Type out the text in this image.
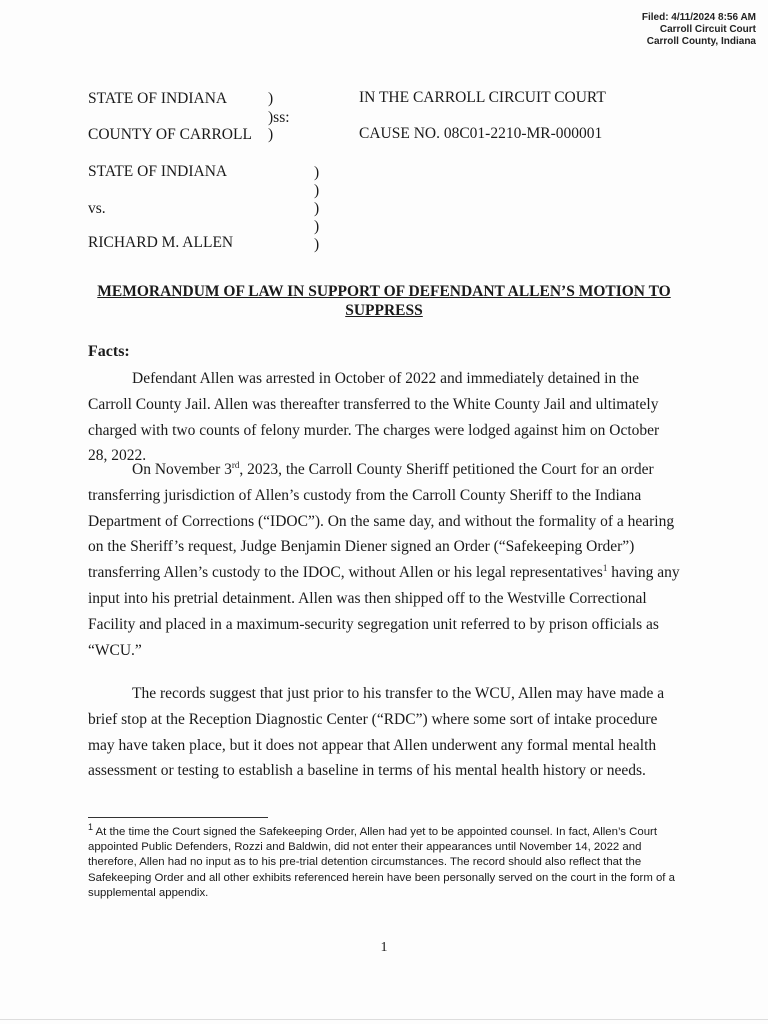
Filed: 4/11/2024 8:56 AM
Carroll Circuit Court
Carroll County, Indiana
STATE OF INDIANA	)
)ss:
COUNTY OF CARROLL )
IN THE CARROLL CIRCUIT COURT
CAUSE NO. 08C01-2210-MR-000001
STATE OF INDIANA
vs.
RICHARD M. ALLEN
)
)
)
)
)
MEMORANDUM OF LAW IN SUPPORT OF DEFENDANT ALLEN’S MOTION TO SUPPRESS
Facts:
Defendant Allen was arrested in October of 2022 and immediately detained in the Carroll County Jail. Allen was thereafter transferred to the White County Jail and ultimately charged with two counts of felony murder. The charges were lodged against him on October 28, 2022.
On November 3rd, 2023, the Carroll County Sheriff petitioned the Court for an order transferring jurisdiction of Allen’s custody from the Carroll County Sheriff to the Indiana Department of Corrections (“IDOC”). On the same day, and without the formality of a hearing on the Sheriff’s request, Judge Benjamin Diener signed an Order (“Safekeeping Order”) transferring Allen’s custody to the IDOC, without Allen or his legal representatives$^1$ having any input into his pretrial detainment. Allen was then shipped off to the Westville Correctional Facility and placed in a maximum-security segregation unit referred to by prison officials as “WCU.”
The records suggest that just prior to his transfer to the WCU, Allen may have made a brief stop at the Reception Diagnostic Center (“RDC”) where some sort of intake procedure may have taken place, but it does not appear that Allen underwent any formal mental health assessment or testing to establish a baseline in terms of his mental health history or needs.
$^1$ At the time the Court signed the Safekeeping Order, Allen had yet to be appointed counsel. In fact, Allen’s Court appointed Public Defenders, Rozzi and Baldwin, did not enter their appearances until November 14, 2022 and therefore, Allen had no input as to his pre-trial detention circumstances. The record should also reflect that the Safekeeping Order and all other exhibits referenced herein have been personally served on the court in the form of a supplemental appendix.
1
